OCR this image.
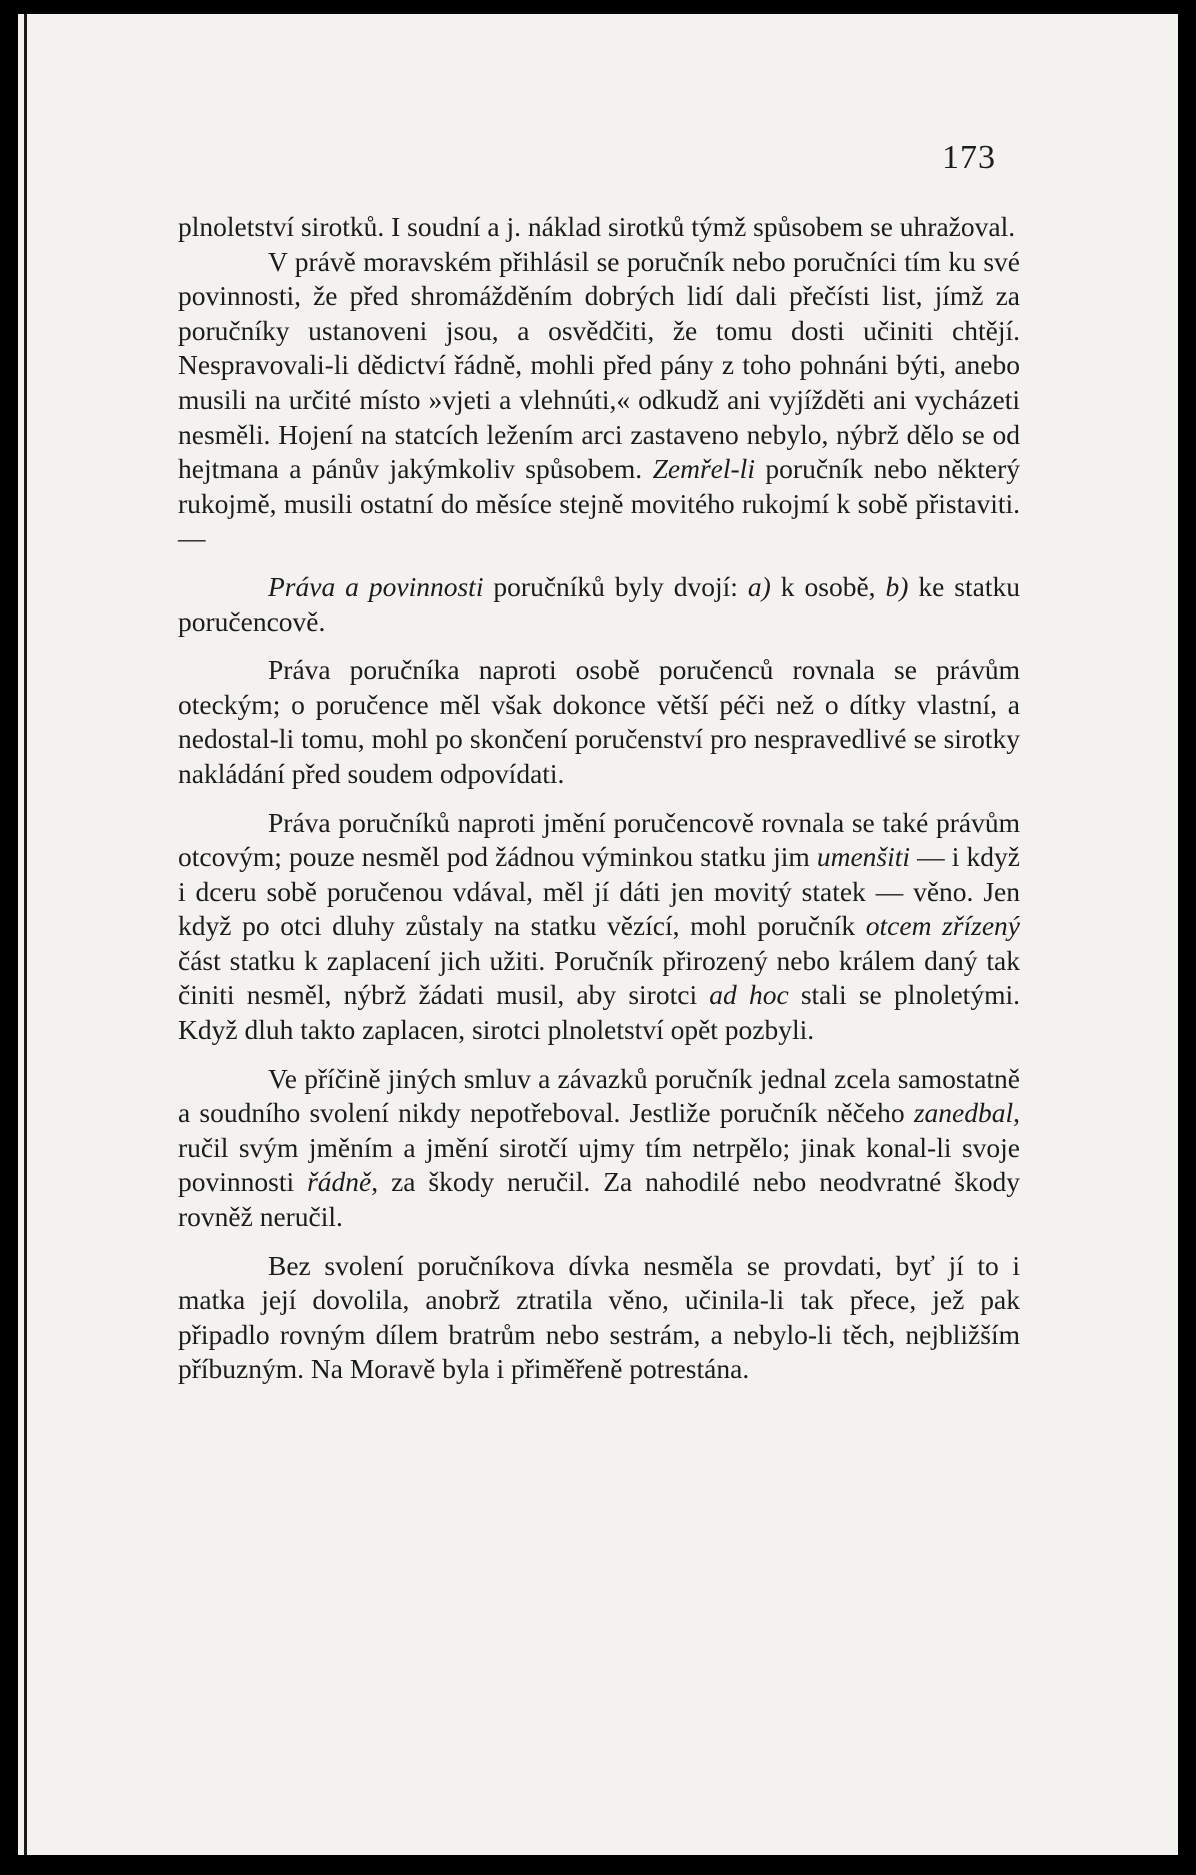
173

plnoletství sirotků. I soudní a j. náklad sirotků týmž spůsobem se uhražoval.

V právě moravském přihlásil se poručník nebo poručníci tím ku své povinnosti, že před shromážděním dobrých lidí dali přečísti list, jímž za poručníky ustanoveni jsou, a osvědčiti, že tomu dosti učiniti chtějí. Nespravovali-li dědictví řádně, mohli před pány z toho pohnáni býti, anebo musili na určité místo »vjeti a vlehnúti,« odkudž ani vyjížděti ani vycházeti nesměli. Hojení na statcích ležením arci zastaveno nebylo, nýbrž dělo se od hejtmana a pánův jakýmkoliv spůsobem. Zemřel-li poručník nebo některý rukojmě, musili ostatní do měsíce stejně movitého rukojmí k sobě přistaviti. —

Práva a povinnosti poručníků byly dvojí: a) k osobě, b) ke statku poručencově.

Práva poručníka naproti osobě poručenců rovnala se právům oteckým; o poručence měl však dokonce větší péči než o dítky vlastní, a nedostal-li tomu, mohl po skončení poručenství pro nespravedlivé se sirotky nakládání před soudem odpovídati.

Práva poručníků naproti jmění poručencově rovnala se také právům otcovým; pouze nesměl pod žádnou výminkou statku jim umenšiti — i když i dceru sobě poručenou vdával, měl jí dáti jen movitý statek — věno. Jen když po otci dluhy zůstaly na statku vězící, mohl poručník otcem zřízený část statku k zaplacení jich užiti. Poručník přirozený nebo králem daný tak činiti nesměl, nýbrž žádati musil, aby sirotci ad hoc stali se plnoletými. Když dluh takto zaplacen, sirotci plnoletství opět pozbyli.

Ve příčině jiných smluv a závazků poručník jednal zcela samostatně a soudního svolení nikdy nepotřeboval. Jestliže poručník něčeho zanedbal, ručil svým jměním a jmění sirotčí ujmy tím netrpělo; jinak konal-li svoje povinnosti řádně, za škody neručil. Za nahodilé nebo neodvratné škody rovněž neručil.

Bez svolení poručníkova dívka nesměla se provdati, byť jí to i matka její dovolila, anobrž ztratila věno, učinila-li tak přece, jež pak připadlo rovným dílem bratrům nebo sestrám, a nebylo-li těch, nejbližším příbuzným. Na Moravě byla i přiměřeně potrestána.
